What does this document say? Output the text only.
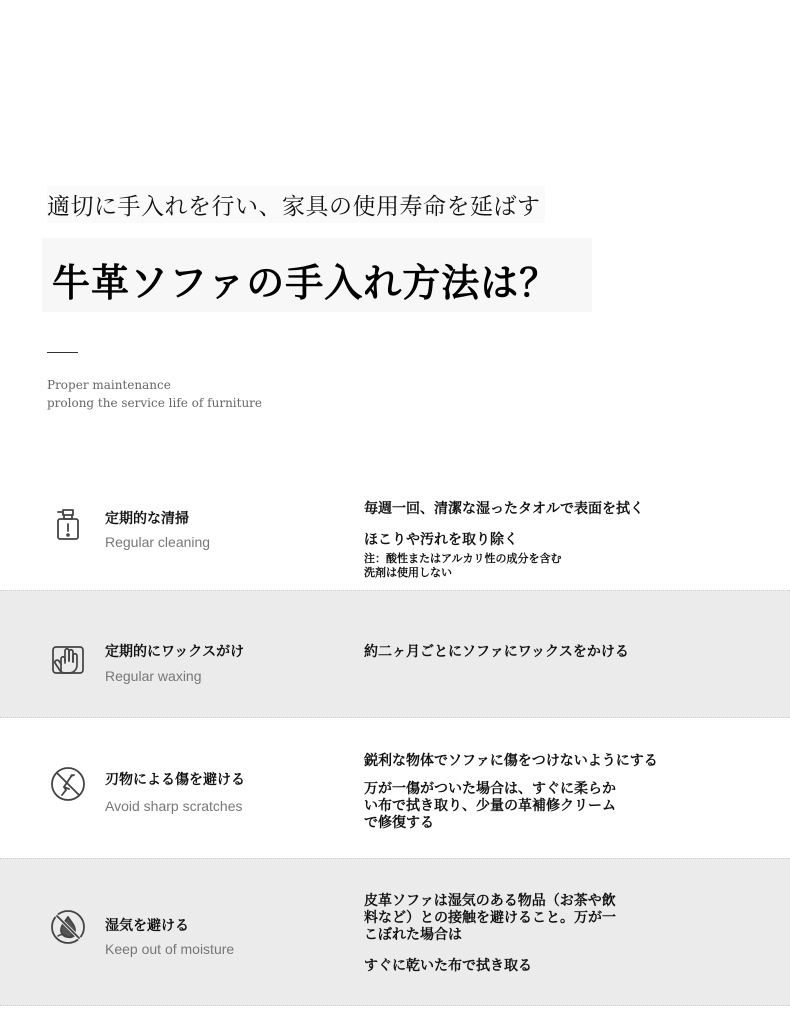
適切に手入れを行い、家具の使用寿命を延ばす
牛革ソファの手入れ方法は？
Proper maintenance
prolong the service life of furniture
定期的な清掃
Regular cleaning
毎週一回、清潔な湿ったタオルで表面を拭く
ほこりや汚れを取り除く
注：酸性またはアルカリ性の成分を含む
洗剤は使用しない
定期的にワックスがけ
Regular waxing
約二ヶ月ごとにソファにワックスをかける
刃物による傷を避ける
Avoid sharp scratches
鋭利な物体でソファに傷をつけないようにする
万が一傷がついた場合は、すぐに柔らか
い布で拭き取り、少量の革補修クリーム
で修復する
湿気を避ける
Keep out of moisture
皮革ソファは湿気のある物品（お茶や飲
料など）との接触を避けること。万が一
こぼれた場合は
すぐに乾いた布で拭き取る
